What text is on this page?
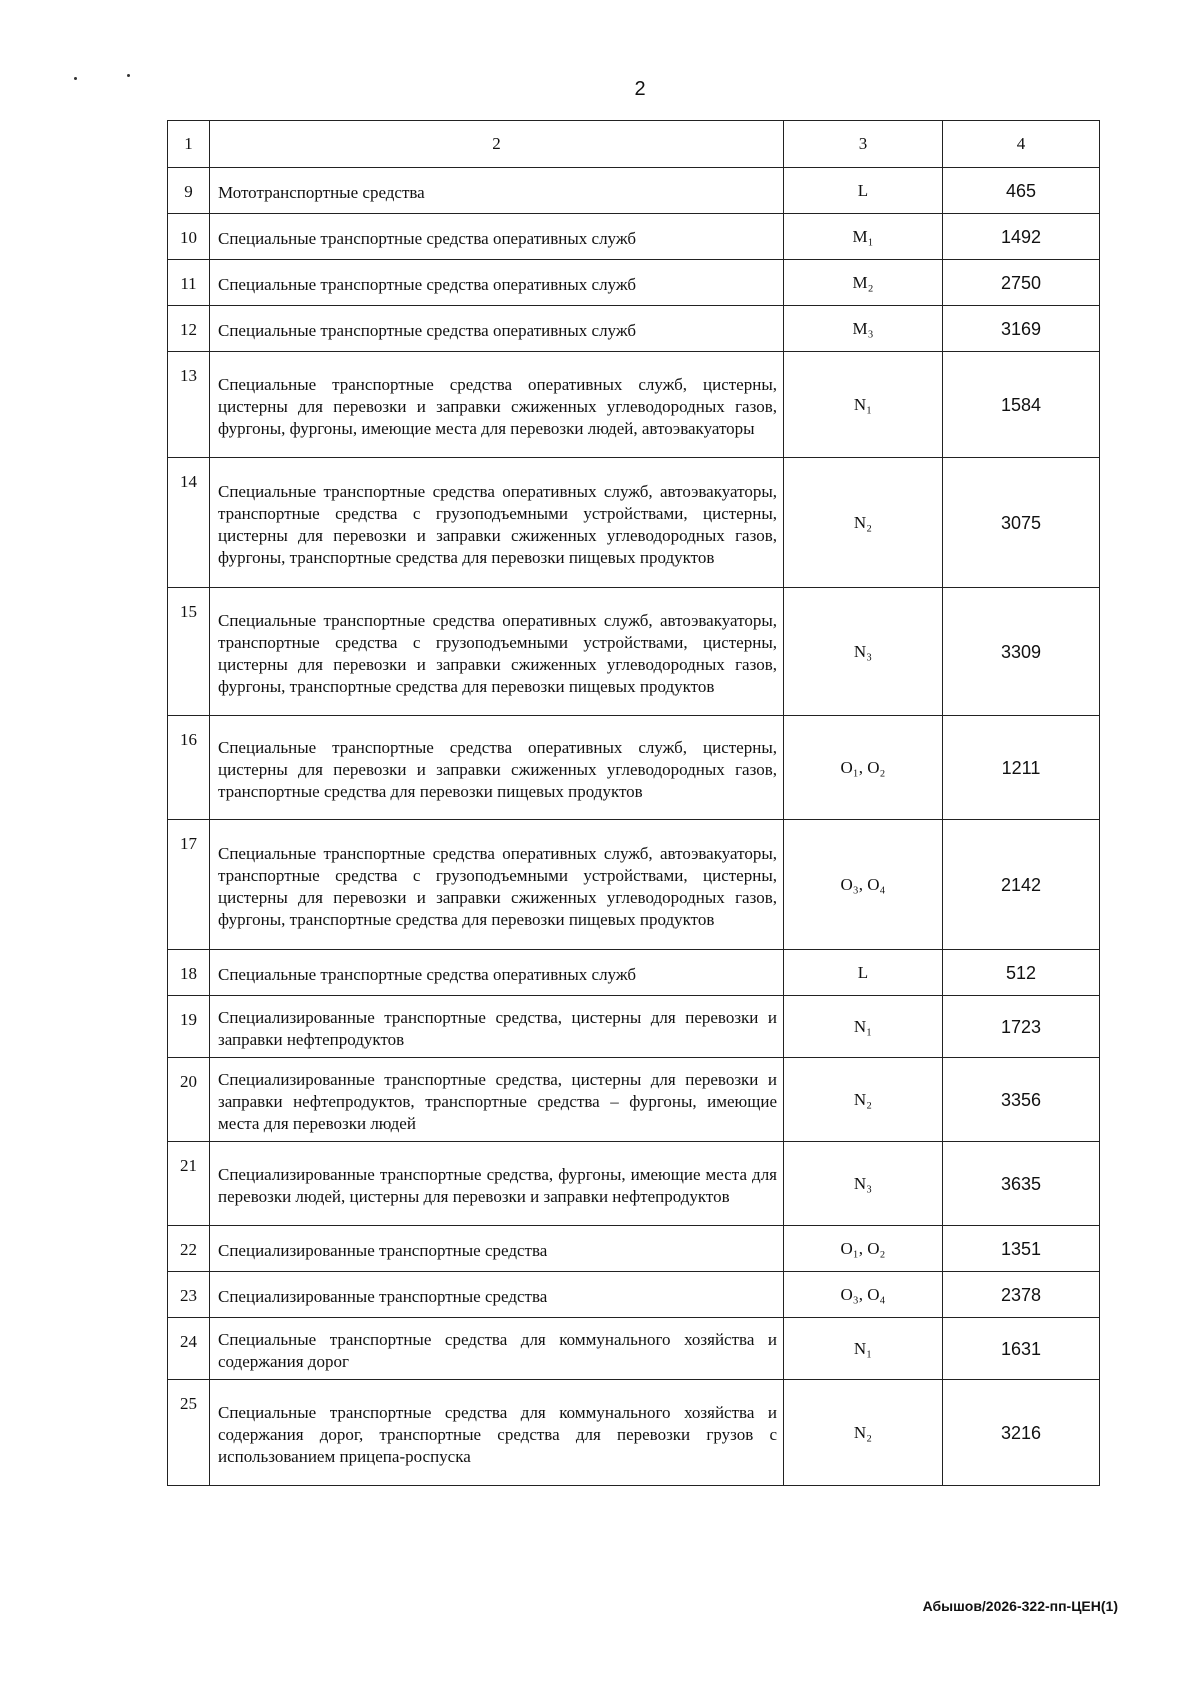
2
1	2	3	4
9	Мототранспортные средства	L	465
10	Специальные транспортные средства оперативных служб	M₁	1492
11	Специальные транспортные средства оперативных служб	M₂	2750
12	Специальные транспортные средства оперативных служб	M₃	3169
13	Специальные транспортные средства оперативных служб, цистерны, цистерны для перевозки и заправки сжиженных углеводородных газов, фургоны, фургоны, имеющие места для перевозки людей, автоэвакуаторы	N₁	1584
14	Специальные транспортные средства оперативных служб, автоэвакуаторы, транспортные средства с грузоподъемными устройствами, цистерны, цистерны для перевозки и заправки сжиженных углеводородных газов, фургоны, транспортные средства для перевозки пищевых продуктов	N₂	3075
15	Специальные транспортные средства оперативных служб, автоэвакуаторы, транспортные средства с грузоподъемными устройствами, цистерны, цистерны для перевозки и заправки сжиженных углеводородных газов, фургоны, транспортные средства для перевозки пищевых продуктов	N₃	3309
16	Специальные транспортные средства оперативных служб, цистерны, цистерны для перевозки и заправки сжиженных углеводородных газов, транспортные средства для перевозки пищевых продуктов	O₁, O₂	1211
17	Специальные транспортные средства оперативных служб, автоэвакуаторы, транспортные средства с грузоподъемными устройствами, цистерны, цистерны для перевозки и заправки сжиженных углеводородных газов, фургоны, транспортные средства для перевозки пищевых продуктов	O₃, O₄	2142
18	Специальные транспортные средства оперативных служб	L	512
19	Специализированные транспортные средства, цистерны для перевозки и заправки нефтепродуктов	N₁	1723
20	Специализированные транспортные средства, цистерны для перевозки и заправки нефтепродуктов, транспортные средства – фургоны, имеющие места для перевозки людей	N₂	3356
21	Специализированные транспортные средства, фургоны, имеющие места для перевозки людей, цистерны для перевозки и заправки нефтепродуктов	N₃	3635
22	Специализированные транспортные средства	O₁, O₂	1351
23	Специализированные транспортные средства	O₃, O₄	2378
24	Специальные транспортные средства для коммунального хозяйства и содержания дорог	N₁	1631
25	Специальные транспортные средства для коммунального хозяйства и содержания дорог, транспортные средства для перевозки грузов с использованием прицепа-роспуска	N₂	3216
Абышов/2026-322-пп-ЦЕН(1)
